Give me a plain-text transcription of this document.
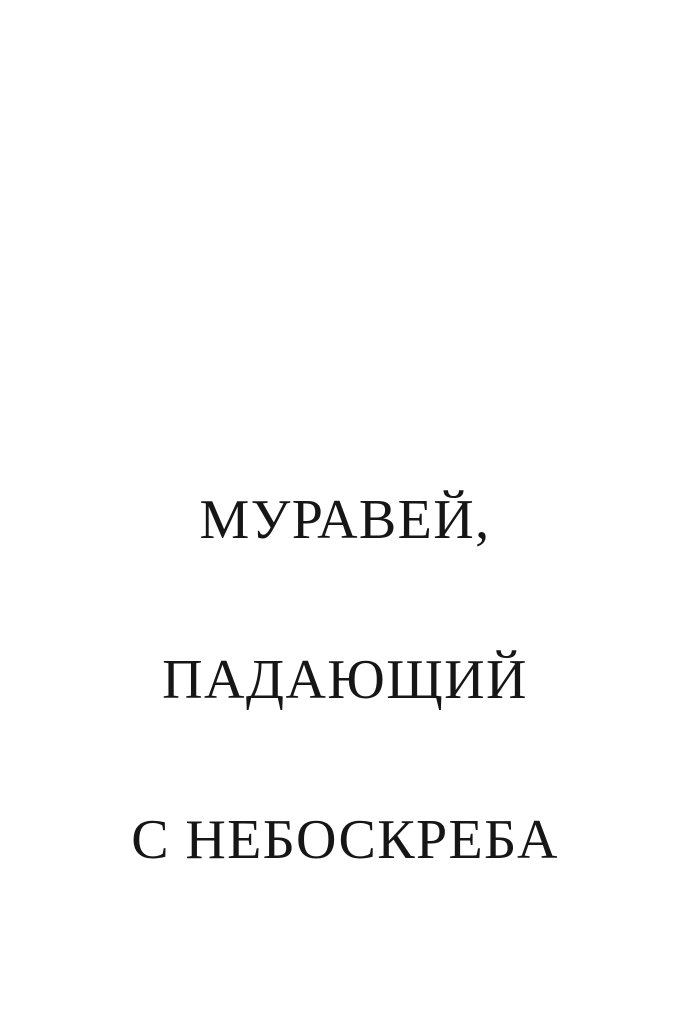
МУРАВЕЙ,
ПАДАЮЩИЙ
С НЕБОСКРЕБА
